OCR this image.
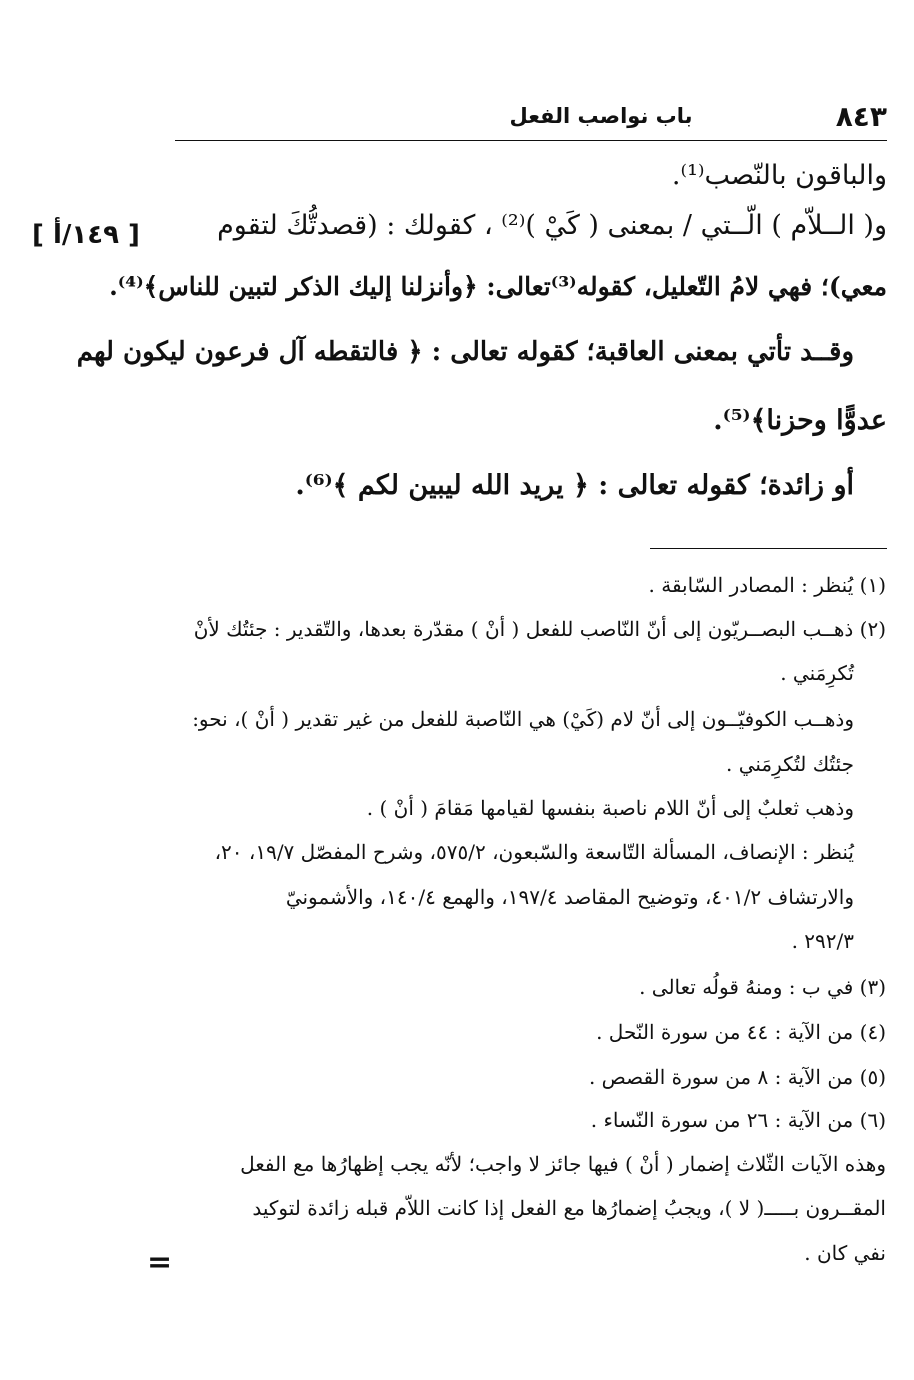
باب نواصب الفعل	٨٤٣
[ ١٤٩/أ ]
والباقون بالنّصب⁽¹⁾.
و( الــلاّم ) الّــتي / بمعنى ( كَيْ )⁽²⁾ ، كقولك : (قصدتُّكَ لتقوم
معي)؛ فهي لامُ التّعليل، كقوله⁽³⁾تعالى: ﴿وأنزلنا إليك الذكر لتبين للناس﴾⁽⁴⁾.
وقــد تأتي بمعنى العاقبة؛ كقوله تعالى : ﴿ فالتقطه آل فرعون ليكون لهم
عدوًّا وحزنا﴾⁽⁵⁾.
أو زائدة؛ كقوله تعالى : ﴿ يريد الله ليبين لكم ﴾⁽⁶⁾.
(١) يُنظر : المصادر السّابقة .
(٢) ذهــب البصــريّون إلى أنّ النّاصب للفعل ( أنْ ) مقدّرة بعدها، والتّقدير : جئتُك لأنْ
تُكرِمَني .
وذهــب الكوفيّــون إلى أنّ لام (كَيْ) هي النّاصبة للفعل من غير تقدير ( أنْ )، نحو:
جئتُك لتُكرِمَني .
وذهب ثعلبٌ إلى أنّ اللام ناصبة بنفسها لقيامها مَقامَ ( أنْ ) .
يُنظر : الإنصاف، المسألة التّاسعة والسّبعون، ٥٧٥/٢، وشرح المفصّل ١٩/٧، ٢٠،
والارتشاف ٤٠١/٢، وتوضيح المقاصد ١٩٧/٤، والهمع ١٤٠/٤، والأشمونيّ
٢٩٢/٣ .
(٣) في ب : ومنهُ قولُه تعالى .
(٤) من الآية : ٤٤ من سورة النّحل .
(٥) من الآية : ٨ من سورة القصص .
(٦) من الآية : ٢٦ من سورة النّساء .
وهذه الآيات الثّلاث إضمار ( أنْ ) فيها جائز لا واجب؛ لأنّه يجب إظهارُها مع الفعل
المقــرون بـــــ( لا )، ويجبُ إضمارُها مع الفعل إذا كانت اللاّم قبله زائدة لتوكيد
نفي كان .
=
